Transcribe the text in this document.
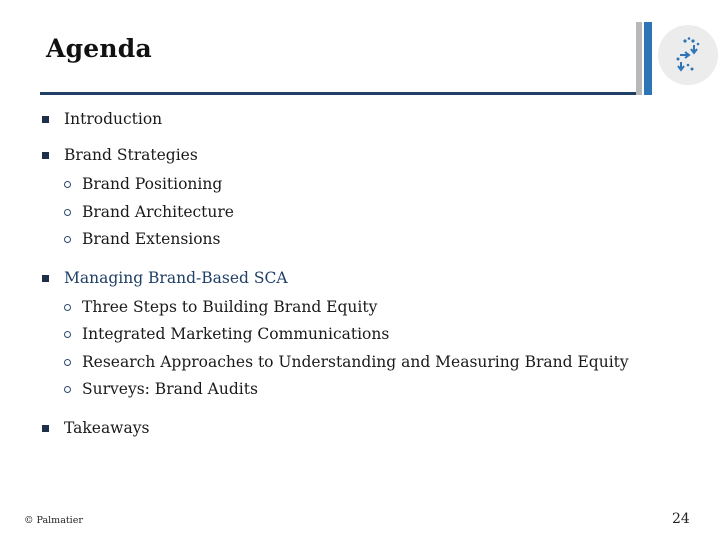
Agenda
Introduction
Brand Strategies
Brand Positioning
Brand Architecture
Brand Extensions
Managing Brand-Based SCA
Three Steps to Building Brand Equity
Integrated Marketing Communications
Research Approaches to Understanding and Measuring Brand Equity
Surveys: Brand Audits
Takeaways
© Palmatier	24
